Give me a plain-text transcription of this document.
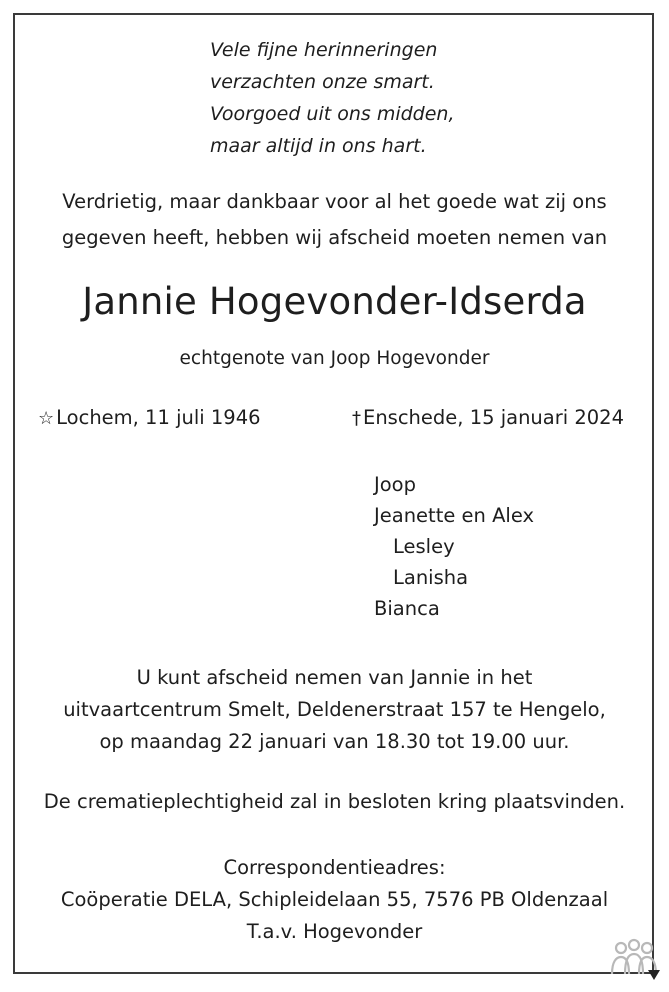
Vele fijne herinneringen
verzachten onze smart.
Voorgoed uit ons midden,
maar altijd in ons hart.
Verdrietig, maar dankbaar voor al het goede wat zij ons
gegeven heeft, hebben wij afscheid moeten nemen van
Jannie Hogevonder-Idserda
echtgenote van Joop Hogevonder
☆ Lochem, 11 juli 1946	† Enschede, 15 januari 2024
Joop
Jeanette en Alex
Lesley
Lanisha
Bianca
U kunt afscheid nemen van Jannie in het
uitvaartcentrum Smelt, Deldenerstraat 157 te Hengelo,
op maandag 22 januari van 18.30 tot 19.00 uur.
De crematieplechtigheid zal in besloten kring plaatsvinden.
Correspondentieadres:
Coöperatie DELA, Schipleidelaan 55, 7576 PB Oldenzaal
T.a.v. Hogevonder
